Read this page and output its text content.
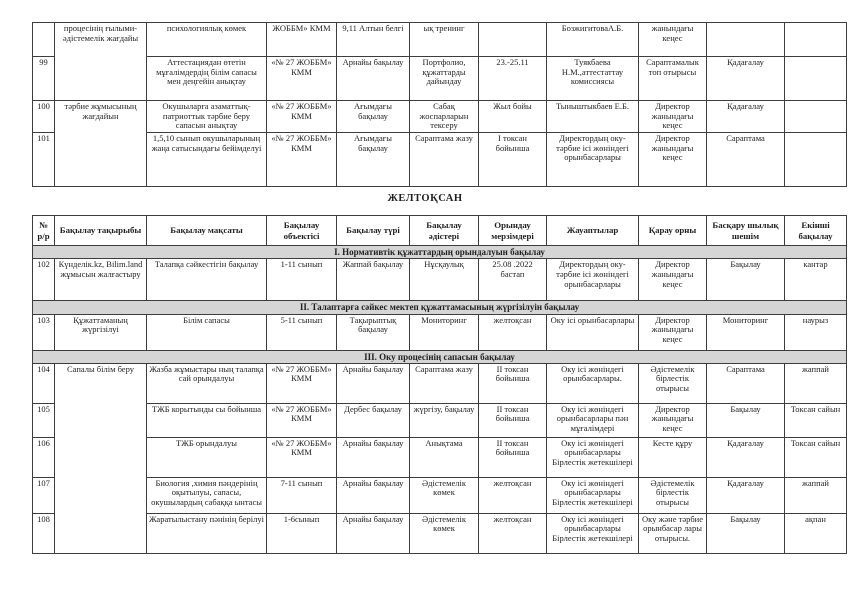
	процесінің ғылыми-әдістемелік жағдайы	психологиялық көмек	ЖОББМ» КММ	9,11 Алтын белгі	ық тренинг		БозжигитоваА.Б.	жанындағы кеңес		
99		Аттестациядан өтетін мұғалімдердің білім сапасы мен деңгейін анықтау	«№ 27 ЖОББМ» КММ	Арнайы бақылау	Портфолио, құжаттарды дайындау	23.-25.11	Туякбаева Н.М.,аттестаттау комиссиясы	Сараптамалык топ отырысы	Қадағалау	
100	тәрбие жұмысының жағдайын	Окушыларға азаматтық-патриоттык тәрбие беру сапасын анықтау	«№ 27 ЖОББМ» КММ	Ағымдағы бақылау	Сабақ жоспарларын тексеру	Жыл бойы	Тыныштыкбаев Е.Б.	Директор жанындағы кеңес	Қадағалау	
101		1,5,10 сынып окушыларының жаңа сатысындағы бейімделуі	«№ 27 ЖОББМ» КММ	Ағымдағы бақылау	Сараптама жазу	І токсан бойынша	Директордың оку-тәрбие ісі жөніндегі орынбасарлары	Директор жанындағы кеңес	Сараптама	
ЖЕЛТОҚСАН
№ р/р	Бақылау тақырыбы	Бақылау мақсаты	Бақылау объектісі	Бақылау түрі	Бақылау әдістері	Орындау мерзімдері	Жауаптылар	Қарау орны	Басқару шылық шешім	Екінші бақылау
І. Нормативтік құжаттардың орындалуын бақылау										
102	Күнделік.kz, Bilim.land жұмысын жалғастыру	Талапқа сәйкестігін бақылау	1-11 сынып	Жаппай бақылау	Нұсқаулық	25.08 .2022 бастап	Директордың оку-тәрбие ісі жөніндегі орынбасарлары	Директор жанындағы кеңес	Бақылау	кантар
ІІ. Талаптарға сәйкес мектеп құжаттамасының жүргізілуін бақылау										
103	Құжаттаманың жүргізілуі	Білім сапасы	5-11 сынып	Тақырыптық бақылау	Мониторинг	желтоқсан	Оку ісі орынбасарлары	Директор жанындағы кеңес	Мониторинг	наурыз
ІІІ. Оку процесінің сапасын бақылау										
104	Сапалы білім беру	Жазба жұмыстары ның талапқа сай орындалуы	«№ 27 ЖОББМ» КММ	Арнайы бақылау	Сараптама жазу	ІІ токсан бойынша	Оку ісі жөніндегі орынбасарлары.	Әдістемелік бірлестік отырысы	Сараптама	жаппай
105		ТЖБ корытынды сы бойынша	«№ 27 ЖОББМ» КММ	Дербес бақылау	жүргізу, бақылау	ІІ токсан бойынша	Оку ісі жөніндегі орынбасарлары пән мұғалімдері	Директор жанындағы кеңес	Бақылау	Токсан сайын
106		ТЖБ орындалуы	«№ 27 ЖОББМ» КММ	Арнайы бақылау	Анықтама	ІІ токсан бойынша	Оку ісі жөніндегі орынбасарлары Бірлестік жетекшілері	Кесте құру	Қадағалау	Токсан сайын
107		Биология ,химия пәндерінің оқытылуы, сапасы, окушылардың сабаққа ынтасы	7-11 сынып	Арнайы бақылау	Әдістемелік көмек	желтоқсан	Оку ісі жөніндегі орынбасарлары Бірлестік жетекшілері	Әдістемелік бірлестік отырысы	Қадағалау	жаппай
108		Жаратылыстану пәнінің берілуі	1-6сынып	Арнайы бақылау	Әдістемелік көмек	желтоқсан	Оку ісі жөніндегі орынбасарлары Бірлестік жетекшілері	Оку және тәрбие орынбасар лары отырысы.	Бақылау	ақпан
